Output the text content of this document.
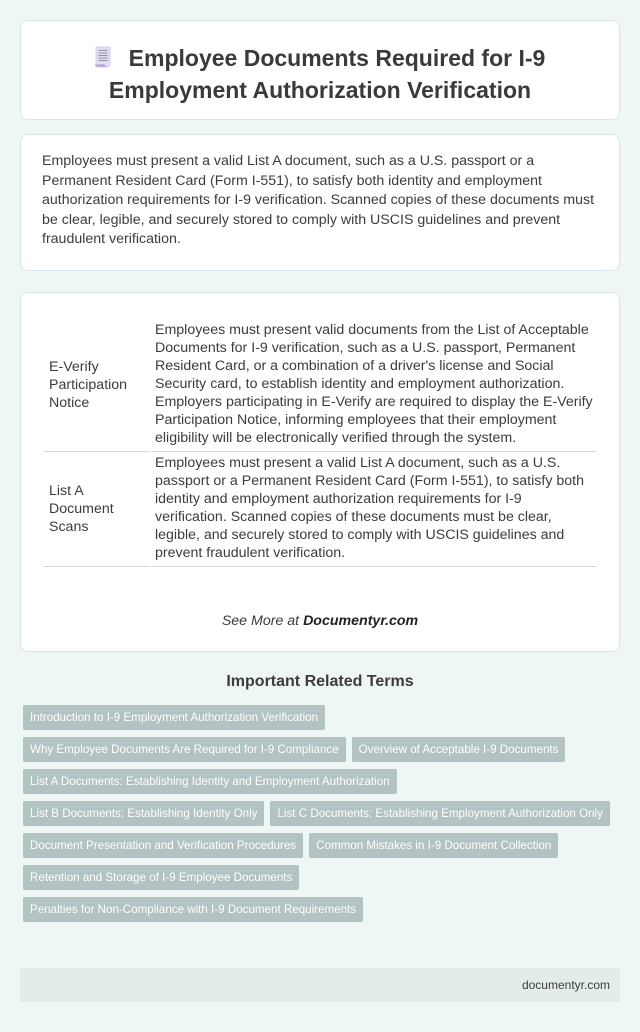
Employee Documents Required for I-9 Employment Authorization Verification

Employees must present a valid List A document, such as a U.S. passport or a Permanent Resident Card (Form I-551), to satisfy both identity and employment authorization requirements for I-9 verification. Scanned copies of these documents must be clear, legible, and securely stored to comply with USCIS guidelines and prevent fraudulent verification.

E-Verify Participation Notice	Employees must present valid documents from the List of Acceptable Documents for I-9 verification, such as a U.S. passport, Permanent Resident Card, or a combination of a driver's license and Social Security card, to establish identity and employment authorization. Employers participating in E-Verify are required to display the E-Verify Participation Notice, informing employees that their employment eligibility will be electronically verified through the system.
List A Document Scans	Employees must present a valid List A document, such as a U.S. passport or a Permanent Resident Card (Form I-551), to satisfy both identity and employment authorization requirements for I-9 verification. Scanned copies of these documents must be clear, legible, and securely stored to comply with USCIS guidelines and prevent fraudulent verification.
See More at Documentyr.com
Important Related Terms
Introduction to I-9 Employment Authorization Verification
Why Employee Documents Are Required for I-9 Compliance	Overview of Acceptable I-9 Documents
List A Documents: Establishing Identity and Employment Authorization
List B Documents: Establishing Identity Only	List C Documents: Establishing Employment Authorization Only
Document Presentation and Verification Procedures	Common Mistakes in I-9 Document Collection
Retention and Storage of I-9 Employee Documents
Penalties for Non-Compliance with I-9 Document Requirements
documentyr.com
